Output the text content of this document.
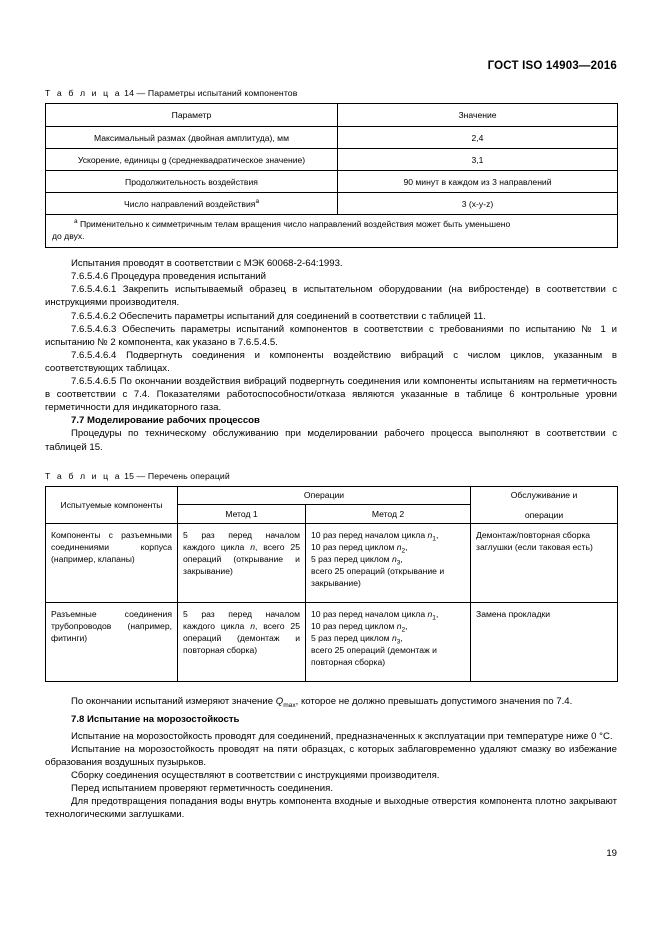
ГОСТ ISO 14903—2016
Т а б л и ц а 14 — Параметры испытаний компонентов
Параметр	Значение
Максимальный размах (двойная амплитуда), мм	2,4
Ускорение, единицы g (среднеквадратическое значение)	3,1
Продолжительность воздействия	90 минут в каждом из 3 направлений
Число направлений воздействия$^a$	3 (x-y-z)
$^a$ Применительно к симметричным телам вращения число направлений воздействия может быть уменьшено
до двух.	

Испытания проводят в соответствии с МЭК 60068-2-64:1993.

7.6.5.4.6 Процедура проведения испытаний

7.6.5.4.6.1 Закрепить испытываемый образец в испытательном оборудовании (на вибростенде) в соответствии с инструкциями производителя.

7.6.5.4.6.2 Обеспечить параметры испытаний для соединений в соответствии с таблицей 11.

7.6.5.4.6.3 Обеспечить параметры испытаний компонентов в соответствии с требованиями по испытанию № 1 и испытанию № 2 компонента, как указано в 7.6.5.4.5.

7.6.5.4.6.4 Подвергнуть соединения и компоненты воздействию вибраций с числом циклов, указанным в соответствующих таблицах.

7.6.5.4.6.5 По окончании воздействия вибраций подвергнуть соединения или компоненты испытаниям на герметичность в соответствии с 7.4. Показателями работоспособности/отказа являются указанные в таблице 6 контрольные уровни герметичности для индикаторного газа.

7.7 Моделирование рабочих процессов

Процедуры по техническому обслуживанию при моделировании рабочего процесса выполняют в соответствии с таблицей 15.

Т а б л и ц а 15 — Перечень операций
Испытуемые компоненты	Операции		Обслуживание и

операции
	Метод 1	Метод 2	
Компоненты с разъемными соединениями корпуса (например, клапаны)	5 раз перед началом каждого цикла n, всего 25 операций (открывание и закрывание)	10 раз перед началом цикла $n_1$,
10 раз перед циклом $n_2$,
5 раз перед циклом $n_3$,
всего 25 операций (открывание и закрывание)	Демонтаж/повторная сборка заглушки (если таковая есть)
Разъемные соединения трубопроводов (например, фитинги)	5 раз перед началом каждого цикла n, всего 25 операций (демонтаж и повторная сборка)	10 раз перед началом цикла $n_1$,
10 раз перед циклом $n_2$,
5 раз перед циклом $n_3$,
всего 25 операций (демонтаж и повторная сборка)	Замена прокладки

По окончании испытаний измеряют значение $Q_{max}$, которое не должно превышать допустимого значения по 7.4.

7.8 Испытание на морозостойкость

Испытание на морозостойкость проводят для соединений, предназначенных к эксплуатации при температуре ниже 0 °С.

Испытание на морозостойкость проводят на пяти образцах, с которых заблаговременно удаляют смазку во избежание образования воздушных пузырьков.

Сборку соединения осуществляют в соответствии с инструкциями производителя.

Перед испытанием проверяют герметичность соединения.

Для предотвращения попадания воды внутрь компонента входные и выходные отверстия компонента плотно закрывают технологическими заглушками.

19
